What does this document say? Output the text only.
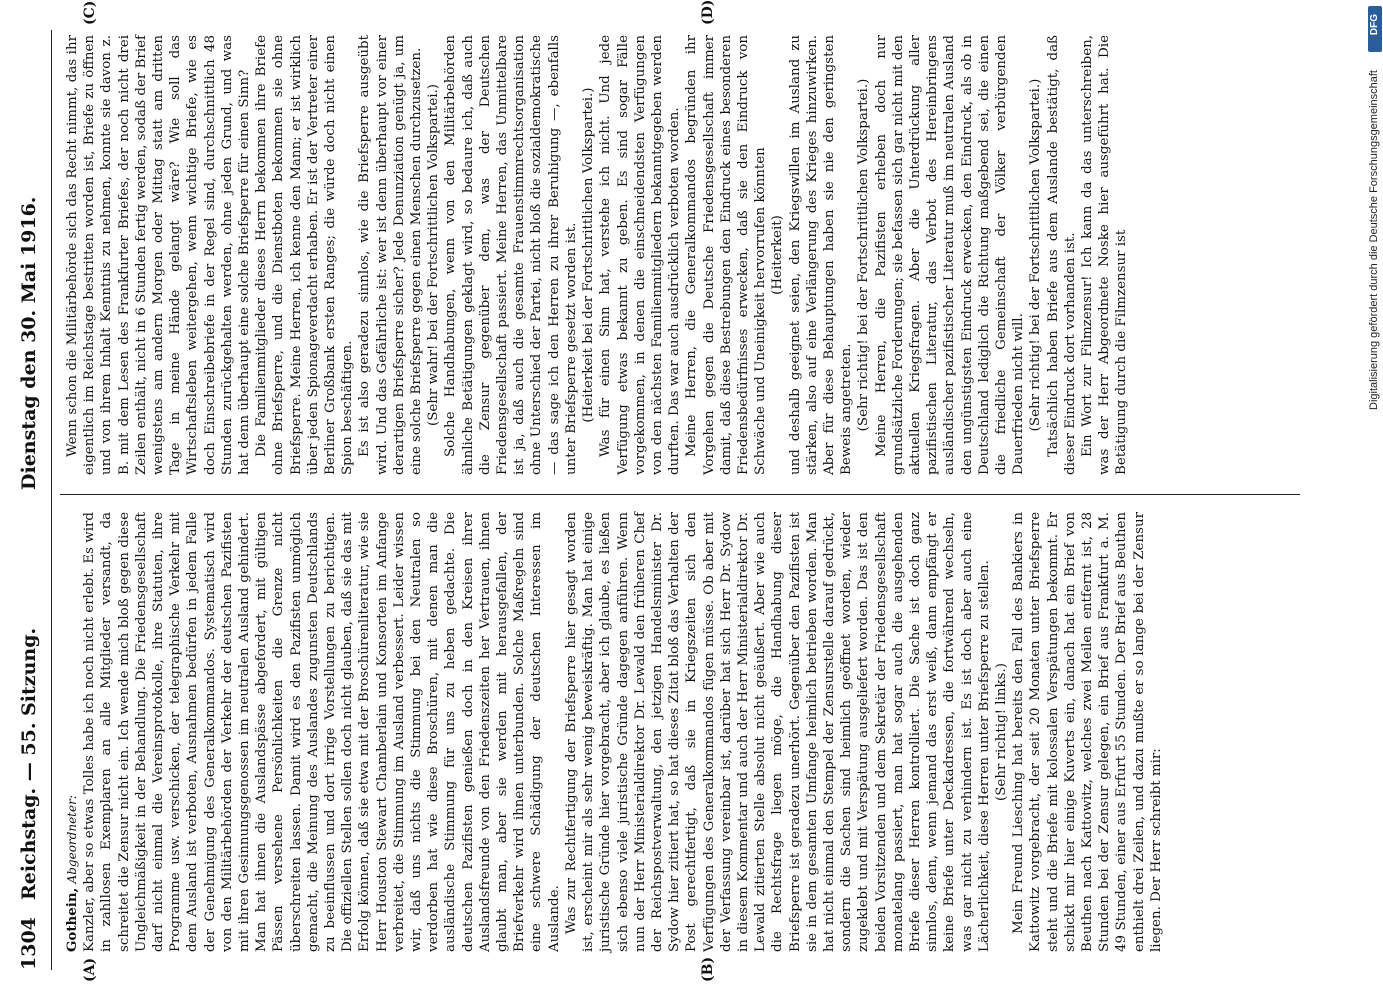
1304
Reichstag. — 55. Sitzung.
Dienstag den 30. Mai 1916.
(A)	(B)
(C)	(D)

Gothein, Abgeordneter: Kanzler, aber so etwas Tolles habe ich noch nicht erlebt. Es wird in zahllosen Exemplaren an alle Mitglieder versandt, da schreitet die Zensur nicht ein. Ich wende mich bloß gegen diese Ungleichmäßigkeit in der Behandlung. Die Friedensgesellschaft darf nicht einmal die Vereinsprotokolle, ihre Statuten, ihre Programme usw. verschicken, der telegraphische Verkehr mit dem Ausland ist verboten, Ausnahmen bedürfen in jedem Falle der Genehmigung des Generalkommandos. Systematisch wird von den Militärbehörden der Verkehr der deutschen Pazifisten mit ihren Gesinnungsgenossen im neutralen Ausland gehindert. Man hat ihnen die Auslandspässe abgefordert, mit gültigen Pässen versehene Persönlichkeiten die Grenze nicht überschreiten lassen. Damit wird es den Pazifisten unmöglich gemacht, die Meinung des Auslandes zugunsten Deutschlands zu beeinflussen und dort irrige Vorstellungen zu berichtigen. Die offiziellen Stellen sollen doch nicht glauben, daß sie das mit Erfolg können, daß sie etwa mit der Broschürenliteratur, wie sie Herr Houston Stewart Chamberlain und Konsorten im Anfange verbreitet, die Stimmung im Ausland verbessert. Leider wissen wir, daß uns nichts die Stimmung bei den Neutralen so verdorben hat wie diese Broschüren, mit denen man die ausländische Stimmung für uns zu heben gedachte. Die deutschen Pazifisten genießen doch in den Kreisen ihrer Auslandsfreunde von den Friedenszeiten her Vertrauen, ihnen glaubt man, aber sie werden mit herausgefallen, der Briefverkehr wird ihnen unterbunden. Solche Maßregeln sind eine schwere Schädigung der deutschen Interessen im Auslande. Was zur Rechtfertigung der Briefsperre hier gesagt worden ist, erscheint mir als sehr wenig beweiskräftig. Man hat einige juristische Gründe hier vorgebracht, aber ich glaube, es ließen sich ebenso viele juristische Gründe dagegen anführen. Wenn nun der Herr Ministerialdirektor Dr. Lewald den früheren Chef der Reichspostverwaltung, den jetzigen Handelsminister Dr. Sydow hier zitiert hat, so hat dieses Zitat bloß das Verhalten der Post gerechtfertigt, daß sie in Kriegszeiten sich den Verfügungen des Generalkommandos fügen müsse. Ob aber mit der Verfassung vereinbar ist, darüber hat sich Herr Dr. Sydow in diesem Kommentar und auch der Herr Ministerialdirektor Dr. Lewald zitierten Stelle absolut nicht geäußert. Aber wie auch die Rechtsfrage liegen möge, die Handhabung dieser Briefsperre ist geradezu unerhört. Gegenüber den Pazifisten ist sie in dem gesamten Umfange heimlich betrieben worden. Man hat nicht einmal den Stempel der Zensurstelle darauf gedrückt, sondern die Sachen sind heimlich geöffnet worden, wieder zugeklebt und mit Verspätung ausgeliefert worden. Das ist den beiden Vorsitzenden und dem Sekretär der Friedensgesellschaft monatelang passiert, man hat sogar auch die ausgehenden Briefe dieser Herren kontrolliert. Die Sache ist doch ganz sinnlos, denn, wenn jemand das erst weiß, dann empfängt er keine Briefe unter Deckadressen, die fortwährend wechseln, was gar nicht zu verhindern ist. Es ist doch aber auch eine Lächerlichkeit, diese Herren unter Briefsperre zu stellen. (Sehr richtig! links.) Mein Freund Liesching hat bereits den Fall des Bankiers in Kattowitz vorgebracht, der seit 20 Monaten unter Briefsperre steht und die Briefe mit kolossalen Verspätungen bekommt. Er schickt mir hier einige Kuverts ein, danach hat ein Brief von Beuthen nach Kattowitz, welches zwei Meilen entfernt ist, 28 Stunden bei der Zensur gelegen, ein Brief aus Frankfurt a. M. 49 Stunden, einer aus Erfurt 55 Stunden. Der Brief aus Beuthen enthielt drei Zeilen, und dazu mußte er so lange bei der Zensur liegen. Der Herr schreibt mir:

Wenn schon die Militärbehörde sich das Recht nimmt, das ihr eigentlich im Reichstage bestritten worden ist, Briefe zu öffnen und von ihrem Inhalt Kenntnis zu nehmen, konnte sie davon z. B. mit dem Lesen des Frankfurter Briefes, der noch nicht drei Zeilen enthält, nicht in 6 Stunden fertig werden, sodaß der Brief wenigstens am andern Morgen oder Mittag statt am dritten Tage in meine Hände gelangt wäre? Wie soll das Wirtschaftsleben weitergehen, wenn wichtige Briefe, wie es doch Einschreibebriefe in der Regel sind, durchschnittlich 48 Stunden zurückgehalten werden, ohne jeden Grund, und was hat denn überhaupt eine solche Briefsperre für einen Sinn? Die Familienmitglieder dieses Herrn bekommen ihre Briefe ohne Briefsperre, und die Dienstboten bekommen sie ohne Briefsperre. Meine Herren, ich kenne den Mann; er ist wirklich über jeden Spionageverdacht erhaben. Er ist der Vertreter einer Berliner Großbank ersten Ranges; die würde doch nicht einen Spion beschäftigen. Es ist also geradezu sinnlos, wie die Briefsperre ausgeübt wird. Und das Gefährliche ist: wer ist denn überhaupt vor einer derartigen Briefsperre sicher? Jede Denunziation genügt ja, um eine solche Briefsperre gegen einen Menschen durchzusetzen. (Sehr wahr! bei der Fortschrittlichen Volkspartei.) Solche Handhabungen, wenn von den Militärbehörden ähnliche Betätigungen geklagt wird, so bedaure ich, daß auch die Zensur gegenüber dem, was der Deutschen Friedensgesellschaft passiert. Meine Herren, das Unmittelbare ist ja, daß auch die gesamte Frauenstimmrechtsorganisation ohne Unterschied der Partei, nicht bloß die sozialdemokratische — das sage ich den Herren zu ihrer Beruhigung —, ebenfalls unter Briefsperre gesetzt worden ist. (Heiterkeit bei der Fortschrittlichen Volkspartei.) Was für einen Sinn hat, verstehe ich nicht. Und jede Verfügung etwas bekannt zu geben. Es sind sogar Fälle vorgekommen, in denen die einschneidendsten Verfügungen von den nächsten Familienmitgliedern bekanntgegeben werden durften. Das war auch ausdrücklich verboten worden. Meine Herren, die Generalkommandos begründen ihr Vorgehen gegen die Deutsche Friedensgesellschaft immer damit, daß diese Bestrebungen den Eindruck eines besonderen Friedensbedürfnisses erwecken, daß sie den Eindruck von Schwäche und Uneinigkeit hervorrufen könnten (Heiterkeit) und deshalb geeignet seien, den Kriegswillen im Ausland zu stärken, also auf eine Verlängerung des Krieges hinzuwirken. Aber für diese Behauptungen haben sie nie den geringsten Beweis angetreten. (Sehr richtig! bei der Fortschrittlichen Volkspartei.) Meine Herren, die Pazifisten erheben doch nur grundsätzliche Forderungen; sie befassen sich gar nicht mit den aktuellen Kriegsfragen. Aber die Unterdrückung aller pazifistischen Literatur, das Verbot des Hereinbringens ausländischer pazifistischer Literatur muß im neutralen Ausland den ungünstigsten Eindruck erwecken, den Eindruck, als ob in Deutschland lediglich die Richtung maßgebend sei, die einen die friedliche Gemeinschaft der Völker verbürgenden Dauerfrieden nicht will. (Sehr richtig! bei der Fortschrittlichen Volkspartei.) Tatsächlich haben Briefe aus dem Auslande bestätigt, daß dieser Eindruck dort vorhanden ist. Ein Wort zur Filmzensur! Ich kann da das unterschreiben, was der Herr Abgeordnete Noske hier ausgeführt hat. Die Betätigung durch die Filmzensur ist

DFG
Digitalisierung gefördert durch die Deutsche Forschungsgemeinschaft
